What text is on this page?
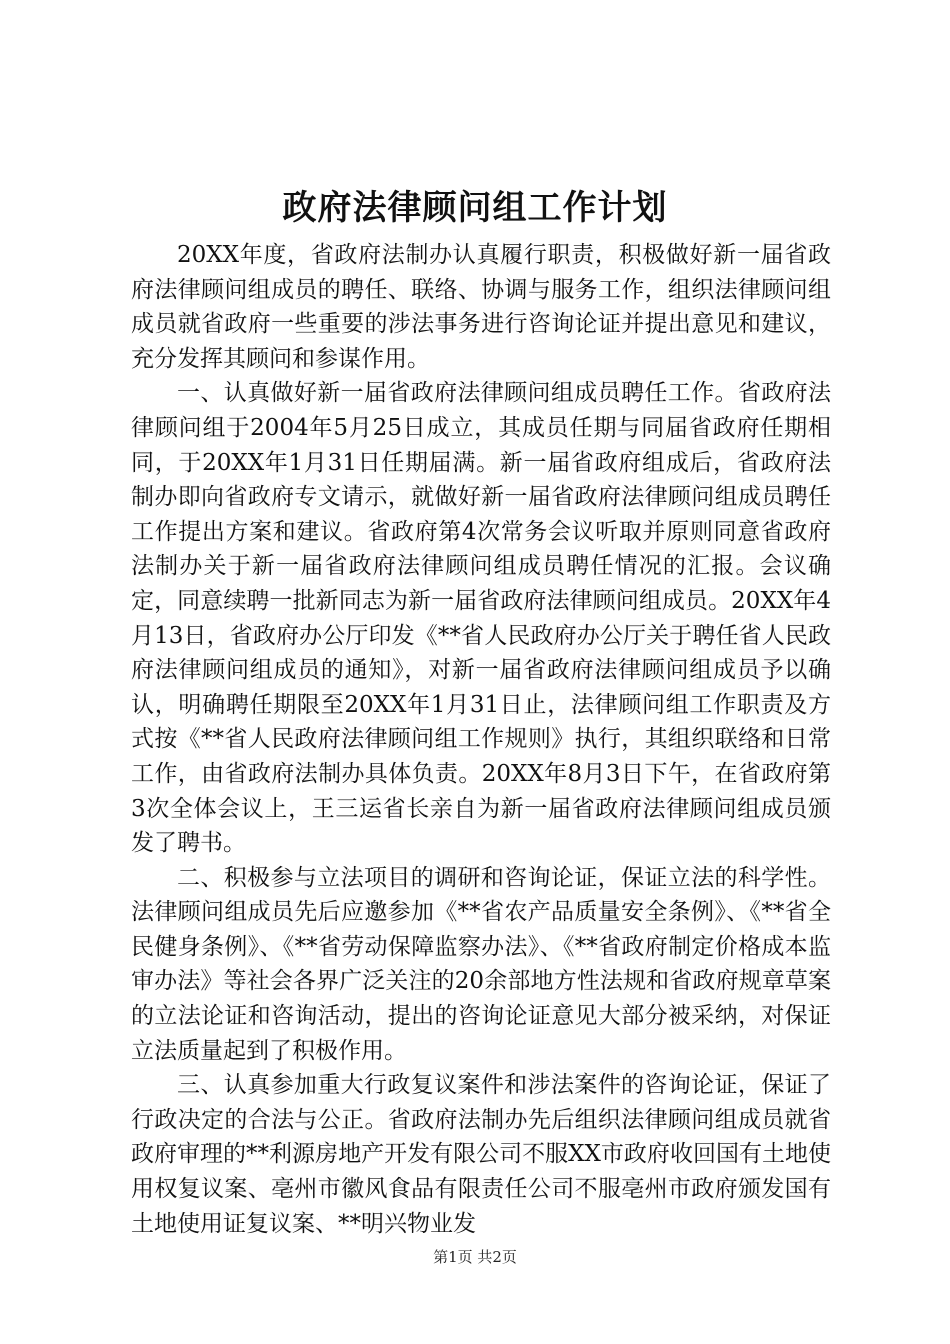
政府法律顾问组工作计划

20XX年度，省政府法制办认真履行职责，积极做好新一届省政府法律顾问组成员的聘任、联络、协调与服务工作，组织法律顾问组成员就省政府一些重要的涉法事务进行咨询论证并提出意见和建议，充分发挥其顾问和参谋作用。

一、认真做好新一届省政府法律顾问组成员聘任工作。省政府法律顾问组于2004年5月25日成立，其成员任期与同届省政府任期相同，于20XX年1月31日任期届满。新一届省政府组成后，省政府法制办即向省政府专文请示，就做好新一届省政府法律顾问组成员聘任工作提出方案和建议。省政府第4次常务会议听取并原则同意省政府法制办关于新一届省政府法律顾问组成员聘任情况的汇报。会议确定，同意续聘一批新同志为新一届省政府法律顾问组成员。20XX年4月13日，省政府办公厅印发《**省人民政府办公厅关于聘任省人民政府法律顾问组成员的通知》，对新一届省政府法律顾问组成员予以确认，明确聘任期限至20XX年1月31日止，法律顾问组工作职责及方式按《**省人民政府法律顾问组工作规则》执行，其组织联络和日常工作，由省政府法制办具体负责。20XX年8月3日下午，在省政府第3次全体会议上，王三运省长亲自为新一届省政府法律顾问组成员颁发了聘书。

二、积极参与立法项目的调研和咨询论证，保证立法的科学性。法律顾问组成员先后应邀参加《**省农产品质量安全条例》、《**省全民健身条例》、《**省劳动保障监察办法》、《**省政府制定价格成本监审办法》等社会各界广泛关注的20余部地方性法规和省政府规章草案的立法论证和咨询活动，提出的咨询论证意见大部分被采纳，对保证立法质量起到了积极作用。

三、认真参加重大行政复议案件和涉法案件的咨询论证，保证了行政决定的合法与公正。省政府法制办先后组织法律顾问组成员就省政府审理的**利源房地产开发有限公司不服XX市政府收回国有土地使用权复议案、亳州市徽风食品有限责任公司不服亳州市政府颁发国有土地使用证复议案、**明兴物业发

第1页 共2页
